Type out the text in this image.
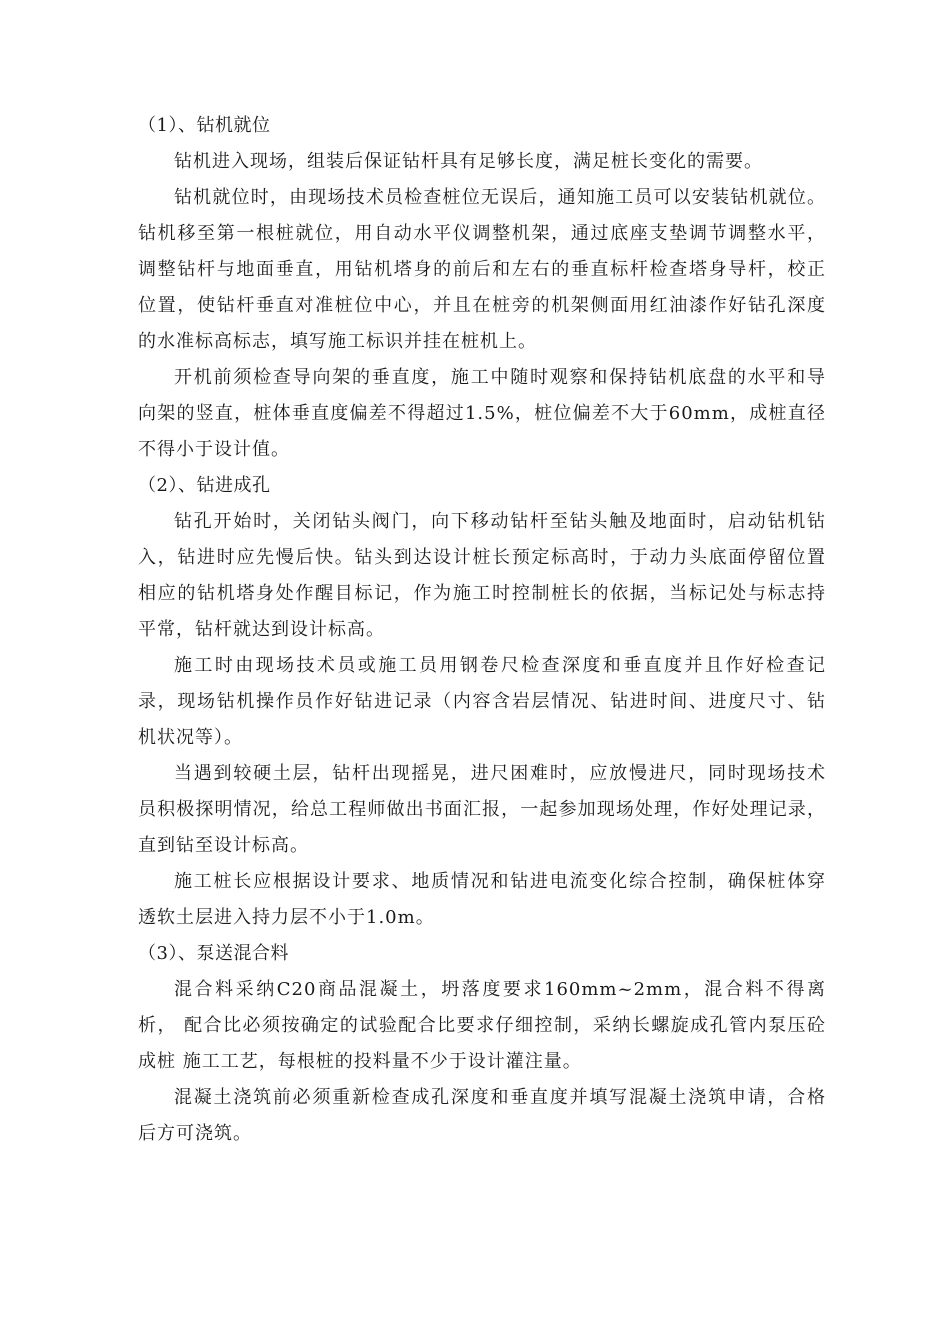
（1）、钻机就位

钻机进入现场，组装后保证钻杆具有足够长度，满足桩长变化的需要。

钻机就位时，由现场技术员检查桩位无误后，通知施工员可以安装钻机就位。 钻机移至第一根桩就位，用自动水平仪调整机架，通过底座支垫调节调整水平， 调整钻杆与地面垂直，用钻机塔身的前后和左右的垂直标杆检查塔身导杆，校正 位置，使钻杆垂直对准桩位中心，并且在桩旁的机架侧面用红油漆作好钻孔深度 的水准标高标志，填写施工标识并挂在桩机上。

开机前须检查导向架的垂直度，施工中随时观察和保持钻机底盘的水平和导 向架的竖直，桩体垂直度偏差不得超过1.5%，桩位偏差不大于60mm，成桩直径 不得小于设计值。

（2）、钻进成孔

钻孔开始时，关闭钻头阀门，向下移动钻杆至钻头触及地面时，启动钻机钻 入，钻进时应先慢后快。钻头到达设计桩长预定标高时，于动力头底面停留位置 相应的钻机塔身处作醒目标记，作为施工时控制桩长的依据，当标记处与标志持 平常，钻杆就达到设计标高。

施工时由现场技术员或施工员用钢卷尺检查深度和垂直度并且作好检查记 录，现场钻机操作员作好钻进记录（内容含岩层情况、钻进时间、进度尺寸、钻 机状况等）。

当遇到较硬土层，钻杆出现摇晃，进尺困难时，应放慢进尺，同时现场技术 员积极探明情况，给总工程师做出书面汇报，一起参加现场处理，作好处理记录， 直到钻至设计标高。

施工桩长应根据设计要求、地质情况和钻进电流变化综合控制，确保桩体穿 透软土层进入持力层不小于1.0m。

（3）、泵送混合料

混合料采纳C20商品混凝土，坍落度要求160mm~2mm，混合料不得离析， 配合比必须按确定的试验配合比要求仔细控制，采纳长螺旋成孔管内泵压砼成桩 施工工艺，每根桩的投料量不少于设计灌注量。

混凝土浇筑前必须重新检查成孔深度和垂直度并填写混凝土浇筑申请，合格 后方可浇筑。
